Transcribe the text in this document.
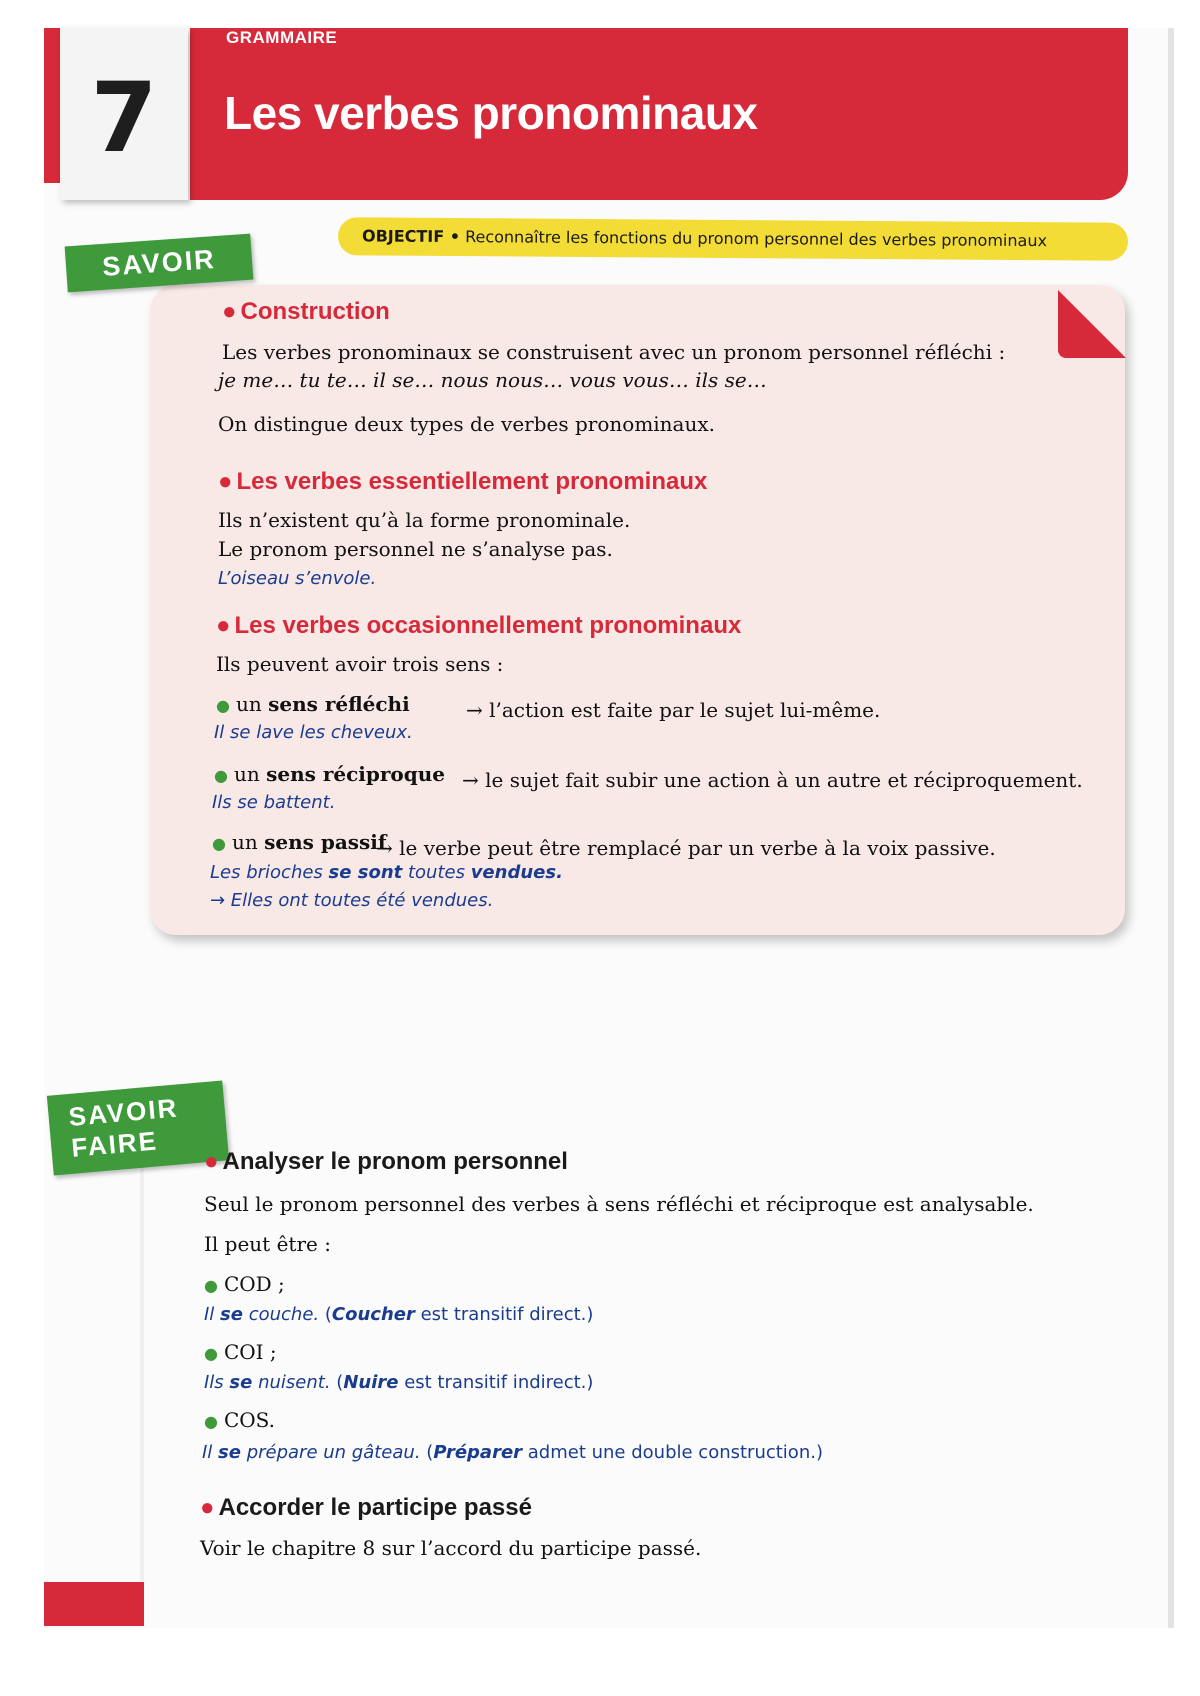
7
GRAMMAIRE
Les verbes pronominaux
OBJECTIF • Reconnaître les fonctions du pronom personnel des verbes pronominaux
SAVOIR
● Construction
Les verbes pronominaux se construisent avec un pronom personnel réfléchi :
je me… tu te… il se… nous nous… vous vous… ils se…
On distingue deux types de verbes pronominaux.
● Les verbes essentiellement pronominaux
Ils n’existent qu’à la forme pronominale.
Le pronom personnel ne s’analyse pas.
L’oiseau s’envole.
● Les verbes occasionnellement pronominaux
Ils peuvent avoir trois sens :
● un sens réfléchi	→ l’action est faite par le sujet lui-même.
Il se lave les cheveux.
● un sens réciproque → le sujet fait subir une action à un autre et réciproquement.
Ils se battent.
● un sens passif
→ le verbe peut être remplacé par un verbe à la voix passive.
Les brioches se sont toutes vendues.
→ Elles ont toutes été vendues.
SAVOIR
FAIRE	● Analyser le pronom personnel
Seul le pronom personnel des verbes à sens réfléchi et réciproque est analysable.
Il peut être :
● COD ;
Il se couche. (Coucher est transitif direct.)
● COI ;
Ils se nuisent. (Nuire est transitif indirect.)
● COS.
Il se prépare un gâteau. (Préparer admet une double construction.)
● Accorder le participe passé
Voir le chapitre 8 sur l’accord du participe passé.
